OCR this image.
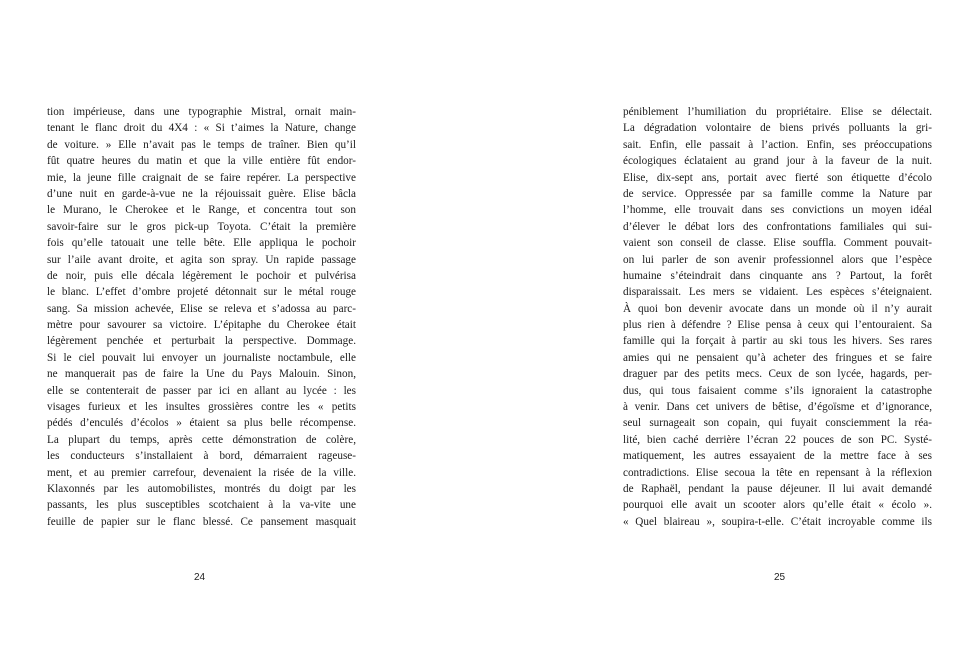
tion impérieuse, dans une typographie Mistral, ornait main-
tenant le flanc droit du 4X4 : « Si t’aimes la Nature, change
de voiture. » Elle n’avait pas le temps de traîner. Bien qu’il
fût quatre heures du matin et que la ville entière fût endor-
mie, la jeune fille craignait de se faire repérer. La perspective
d’une nuit en garde-à-vue ne la réjouissait guère. Elise bâcla
le Murano, le Cherokee et le Range, et concentra tout son
savoir-faire sur le gros pick-up Toyota. C’était la première
fois qu’elle tatouait une telle bête. Elle appliqua le pochoir
sur l’aile avant droite, et agita son spray. Un rapide passage
de noir, puis elle décala légèrement le pochoir et pulvérisa
le blanc. L’effet d’ombre projeté détonnait sur le métal rouge
sang. Sa mission achevée, Elise se releva et s’adossa au parc-
mètre pour savourer sa victoire. L’épitaphe du Cherokee était
légèrement penchée et perturbait la perspective. Dommage.
Si le ciel pouvait lui envoyer un journaliste noctambule, elle
ne manquerait pas de faire la Une du Pays Malouin. Sinon,
elle se contenterait de passer par ici en allant au lycée : les
visages furieux et les insultes grossières contre les « petits
pédés d’enculés d’écolos » étaient sa plus belle récompense.
La plupart du temps, après cette démonstration de colère,
les conducteurs s’installaient à bord, démarraient rageuse-
ment, et au premier carrefour, devenaient la risée de la ville.
Klaxonnés par les automobilistes, montrés du doigt par les
passants, les plus susceptibles scotchaient à la va-vite une
feuille de papier sur le flanc blessé. Ce pansement masquait
24
péniblement l’humiliation du propriétaire. Elise se délectait.
La dégradation volontaire de biens privés polluants la gri-
sait. Enfin, elle passait à l’action. Enfin, ses préoccupations
écologiques éclataient au grand jour à la faveur de la nuit.
Elise, dix-sept ans, portait avec fierté son étiquette d’écolo
de service. Oppressée par sa famille comme la Nature par
l’homme, elle trouvait dans ses convictions un moyen idéal
d’élever le débat lors des confrontations familiales qui sui-
vaient son conseil de classe. Elise souffla. Comment pouvait-
on lui parler de son avenir professionnel alors que l’espèce
humaine s’éteindrait dans cinquante ans ? Partout, la forêt
disparaissait. Les mers se vidaient. Les espèces s’éteignaient.
À quoi bon devenir avocate dans un monde où il n’y aurait
plus rien à défendre ? Elise pensa à ceux qui l’entouraient. Sa
famille qui la forçait à partir au ski tous les hivers. Ses rares
amies qui ne pensaient qu’à acheter des fringues et se faire
draguer par des petits mecs. Ceux de son lycée, hagards, per-
dus, qui tous faisaient comme s’ils ignoraient la catastrophe
à venir. Dans cet univers de bêtise, d’égoïsme et d’ignorance,
seul surnageait son copain, qui fuyait consciemment la réa-
lité, bien caché derrière l’écran 22 pouces de son PC. Systé-
matiquement, les autres essayaient de la mettre face à ses
contradictions. Elise secoua la tête en repensant à la réflexion
de Raphaël, pendant la pause déjeuner. Il lui avait demandé
pourquoi elle avait un scooter alors qu’elle était « écolo ».
« Quel blaireau », soupira-t-elle. C’était incroyable comme ils
25
